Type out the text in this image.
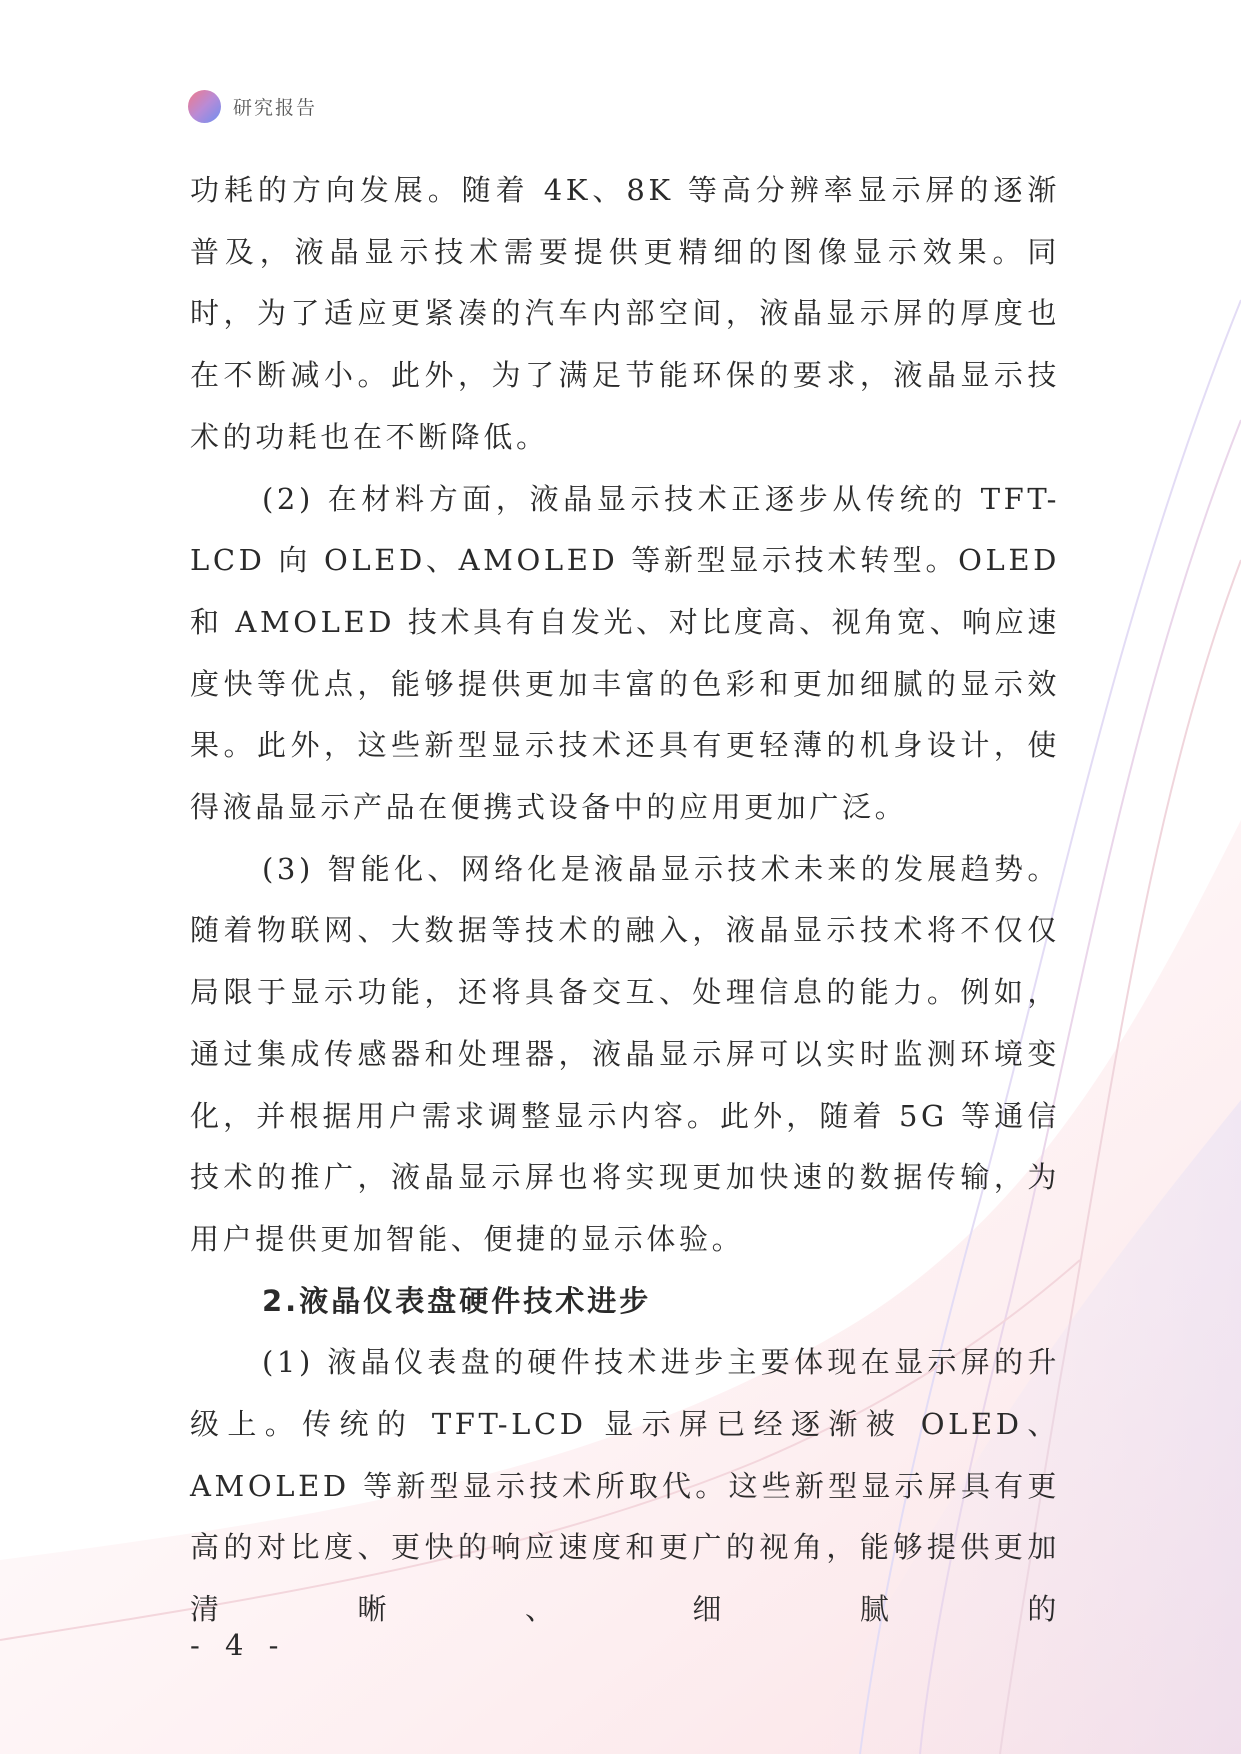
研究报告

功耗的方向发展。随着 4K、8K 等高分辨率显示屏的逐渐普及，液晶显示技术需要提供更精细的图像显示效果。同时，为了适应更紧凑的汽车内部空间，液晶显示屏的厚度也在不断减小。此外，为了满足节能环保的要求，液晶显示技术的功耗也在不断降低。

(2) 在材料方面，液晶显示技术正逐步从传统的 TFT-LCD 向 OLED、AMOLED 等新型显示技术转型。OLED 和 AMOLED 技术具有自发光、对比度高、视角宽、响应速度快等优点，能够提供更加丰富的色彩和更加细腻的显示效果。此外，这些新型显示技术还具有更轻薄的机身设计，使得液晶显示产品在便携式设备中的应用更加广泛。

(3) 智能化、网络化是液晶显示技术未来的发展趋势。随着物联网、大数据等技术的融入，液晶显示技术将不仅仅局限于显示功能，还将具备交互、处理信息的能力。例如，通过集成传感器和处理器，液晶显示屏可以实时监测环境变化，并根据用户需求调整显示内容。此外，随着 5G 等通信技术的推广，液晶显示屏也将实现更加快速的数据传输，为用户提供更加智能、便捷的显示体验。

2.液晶仪表盘硬件技术进步

(1) 液晶仪表盘的硬件技术进步主要体现在显示屏的升级上。传统的 TFT-LCD 显示屏已经逐渐被 OLED、AMOLED 等新型显示技术所取代。这些新型显示屏具有更高的对比度、更快的响应速度和更广的视角，能够提供更加清晰、细腻的

- 4 -
